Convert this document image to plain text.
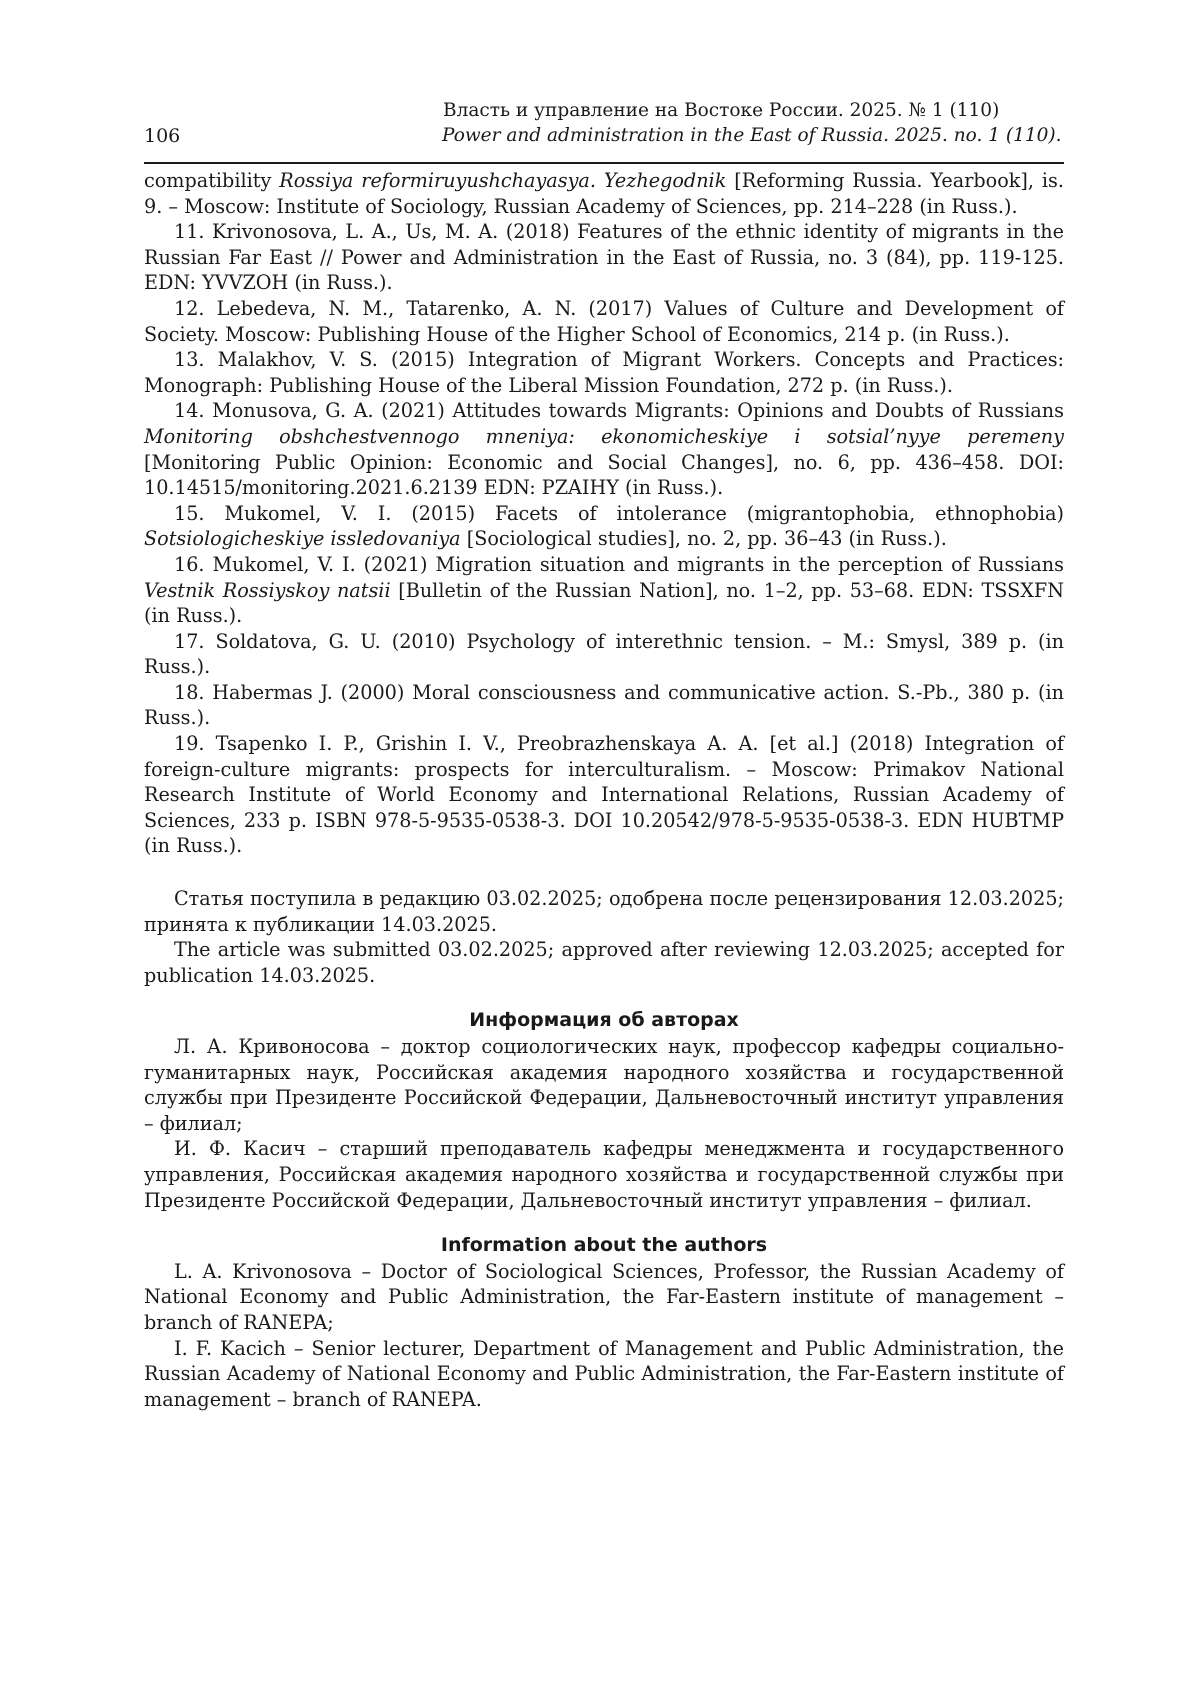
106
Власть и управление на Востоке России. 2025. № 1 (110)
Power and administration in the East of Russia. 2025. no. 1 (110).

compatibility Rossiya reformiruyushchayasya. Yezhegodnik [Reforming Russia. Yearbook], is. 9. – Moscow: Institute of Sociology, Russian Academy of Sciences, pp. 214–228 (in Russ.).

11. Krivonosova, L. A., Us, M. A. (2018) Features of the ethnic identity of migrants in the Russian Far East // Power and Administration in the East of Russia, no. 3 (84), pp. 119-125. EDN: YVVZOH (in Russ.).

12. Lebedeva, N. M., Tatarenko, A. N. (2017) Values of Culture and Development of Society. Moscow: Publishing House of the Higher School of Economics, 214 p. (in Russ.).

13. Malakhov, V. S. (2015) Integration of Migrant Workers. Concepts and Practices: Monograph: Publishing House of the Liberal Mission Foundation, 272 p. (in Russ.).

14. Monusova, G. A. (2021) Attitudes towards Migrants: Opinions and Doubts of Russians Monitoring obshchestvennogo mneniya: ekonomicheskiye i sotsial’nyye peremeny [Monitoring Public Opinion: Economic and Social Changes], no. 6, pp. 436–458. DOI: 10.14515/monitoring.2021.6.2139 EDN: PZAIHY (in Russ.).

15. Mukomel, V. I. (2015) Facets of intolerance (migrantophobia, ethnophobia) Sotsiologicheskiye issledovaniya [Sociological studies], no. 2, pp. 36–43 (in Russ.).

16. Mukomel, V. I. (2021) Migration situation and migrants in the perception of Russians Vestnik Rossiyskoy natsii [Bulletin of the Russian Nation], no. 1–2, pp. 53–68. EDN: TSSXFN (in Russ.).

17. Soldatova, G. U. (2010) Psychology of interethnic tension. – M.: Smysl, 389 p. (in Russ.).

18. Habermas J. (2000) Moral consciousness and communicative action. S.-Pb., 380 p. (in Russ.).

19. Tsapenko I. P., Grishin I. V., Preobrazhenskaya A. A. [et al.] (2018) Integration of foreign-culture migrants: prospects for interculturalism. – Moscow: Primakov National Research Institute of World Economy and International Relations, Russian Academy of Sciences, 233 p. ISBN 978-5-9535-0538-3. DOI 10.20542/978-5-9535-0538-3. EDN HUBTMP (in Russ.).

Статья поступила в редакцию 03.02.2025; одобрена после рецензирования 12.03.2025; принята к публикации 14.03.2025.

The article was submitted 03.02.2025; approved after reviewing 12.03.2025; accepted for publication 14.03.2025.

Информация об авторах

Л. А. Кривоносова – доктор социологических наук, профессор кафедры социально-гуманитарных наук, Российская академия народного хозяйства и государственной службы при Президенте Российской Федерации, Дальневосточный институт управления – филиал;

И. Ф. Касич – старший преподаватель кафедры менеджмента и государственного управления, Российская академия народного хозяйства и государственной службы при Президенте Российской Федерации, Дальневосточный институт управления – филиал.

Information about the authors

L. A. Krivonosova – Doctor of Sociological Sciences, Professor, the Russian Academy of National Economy and Public Administration, the Far-Eastern institute of management – branch of RANEPA;

I. F. Kacich – Senior lecturer, Department of Management and Public Administration, the Russian Academy of National Economy and Public Administration, the Far-Eastern institute of management – branch of RANEPA.
